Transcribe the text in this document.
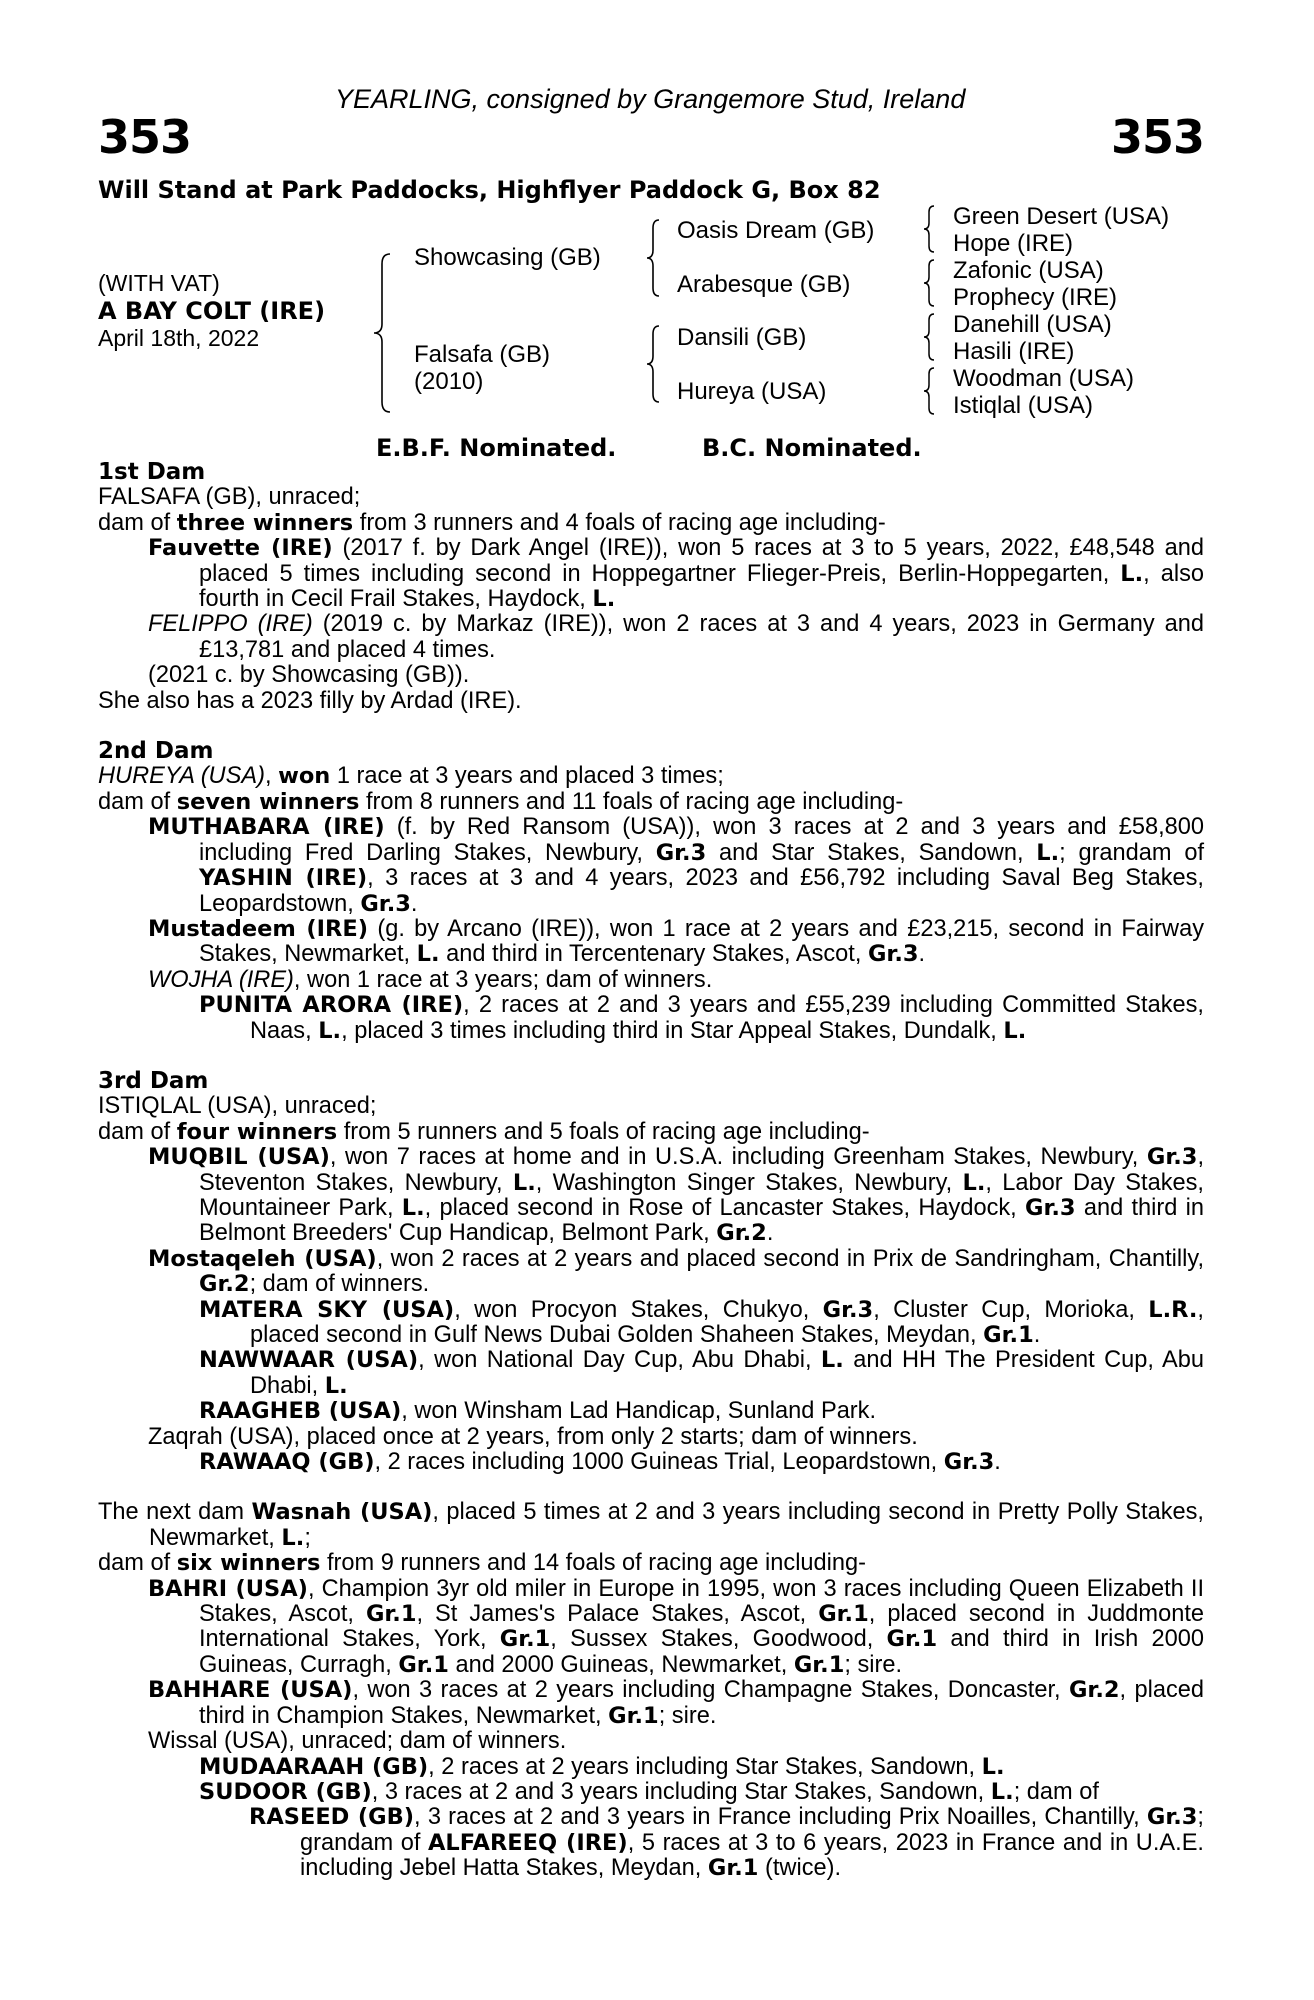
353	353
YEARLING, consigned by Grangemore Stud, Ireland
Will Stand at Park Paddocks, Highflyer Paddock G, Box 82
(WITH VAT)
A BAY COLT (IRE)
April 18th, 2022
Showcasing (GB)
Falsafa (GB)
(2010)
Oasis Dream (GB)
Arabesque (GB)
Dansili (GB)
Hureya (USA)
Green Desert (USA)
Hope (IRE)
Zafonic (USA)
Prophecy (IRE)
Danehill (USA)
Hasili (IRE)
Woodman (USA)
Istiqlal (USA)
E.B.F. Nominated.	B.C. Nominated.
1st Dam
FALSAFA (GB), unraced;
dam of three winners from 3 runners and 4 foals of racing age including-
Fauvette (IRE) (2017 f. by Dark Angel (IRE)), won 5 races at 3 to 5 years, 2022, £48,548 and placed 5 times including second in Hoppegartner Flieger-Preis, Berlin-Hoppegarten, L., also fourth in Cecil Frail Stakes, Haydock, L.
FELIPPO (IRE) (2019 c. by Markaz (IRE)), won 2 races at 3 and 4 years, 2023 in Germany and £13,781 and placed 4 times.
(2021 c. by Showcasing (GB)).
She also has a 2023 filly by Ardad (IRE).
2nd Dam
HUREYA (USA), won 1 race at 3 years and placed 3 times;
dam of seven winners from 8 runners and 11 foals of racing age including-
MUTHABARA (IRE) (f. by Red Ransom (USA)), won 3 races at 2 and 3 years and £58,800 including Fred Darling Stakes, Newbury, Gr.3 and Star Stakes, Sandown, L.; grandam of YASHIN (IRE), 3 races at 3 and 4 years, 2023 and £56,792 including Saval Beg Stakes, Leopardstown, Gr.3.
Mustadeem (IRE) (g. by Arcano (IRE)), won 1 race at 2 years and £23,215, second in Fairway Stakes, Newmarket, L. and third in Tercentenary Stakes, Ascot, Gr.3.
WOJHA (IRE), won 1 race at 3 years; dam of winners.
PUNITA ARORA (IRE), 2 races at 2 and 3 years and £55,239 including Committed Stakes, Naas, L., placed 3 times including third in Star Appeal Stakes, Dundalk, L.
3rd Dam
ISTIQLAL (USA), unraced;
dam of four winners from 5 runners and 5 foals of racing age including-
MUQBIL (USA), won 7 races at home and in U.S.A. including Greenham Stakes, Newbury, Gr.3, Steventon Stakes, Newbury, L., Washington Singer Stakes, Newbury, L., Labor Day Stakes, Mountaineer Park, L., placed second in Rose of Lancaster Stakes, Haydock, Gr.3 and third in Belmont Breeders' Cup Handicap, Belmont Park, Gr.2.
Mostaqeleh (USA), won 2 races at 2 years and placed second in Prix de Sandringham, Chantilly, Gr.2; dam of winners.
MATERA SKY (USA), won Procyon Stakes, Chukyo, Gr.3, Cluster Cup, Morioka, L.R., placed second in Gulf News Dubai Golden Shaheen Stakes, Meydan, Gr.1.
NAWWAAR (USA), won National Day Cup, Abu Dhabi, L. and HH The President Cup, Abu Dhabi, L.
RAAGHEB (USA), won Winsham Lad Handicap, Sunland Park.
Zaqrah (USA), placed once at 2 years, from only 2 starts; dam of winners.
RAWAAQ (GB), 2 races including 1000 Guineas Trial, Leopardstown, Gr.3.
The next dam Wasnah (USA), placed 5 times at 2 and 3 years including second in Pretty Polly Stakes, Newmarket, L.;
dam of six winners from 9 runners and 14 foals of racing age including-
BAHRI (USA), Champion 3yr old miler in Europe in 1995, won 3 races including Queen Elizabeth II Stakes, Ascot, Gr.1, St James's Palace Stakes, Ascot, Gr.1, placed second in Juddmonte International Stakes, York, Gr.1, Sussex Stakes, Goodwood, Gr.1 and third in Irish 2000 Guineas, Curragh, Gr.1 and 2000 Guineas, Newmarket, Gr.1; sire.
BAHHARE (USA), won 3 races at 2 years including Champagne Stakes, Doncaster, Gr.2, placed third in Champion Stakes, Newmarket, Gr.1; sire.
Wissal (USA), unraced; dam of winners.
MUDAARAAH (GB), 2 races at 2 years including Star Stakes, Sandown, L.
SUDOOR (GB), 3 races at 2 and 3 years including Star Stakes, Sandown, L.; dam of
RASEED (GB), 3 races at 2 and 3 years in France including Prix Noailles, Chantilly, Gr.3; grandam of ALFAREEQ (IRE), 5 races at 3 to 6 years, 2023 in France and in U.A.E. including Jebel Hatta Stakes, Meydan, Gr.1 (twice).
